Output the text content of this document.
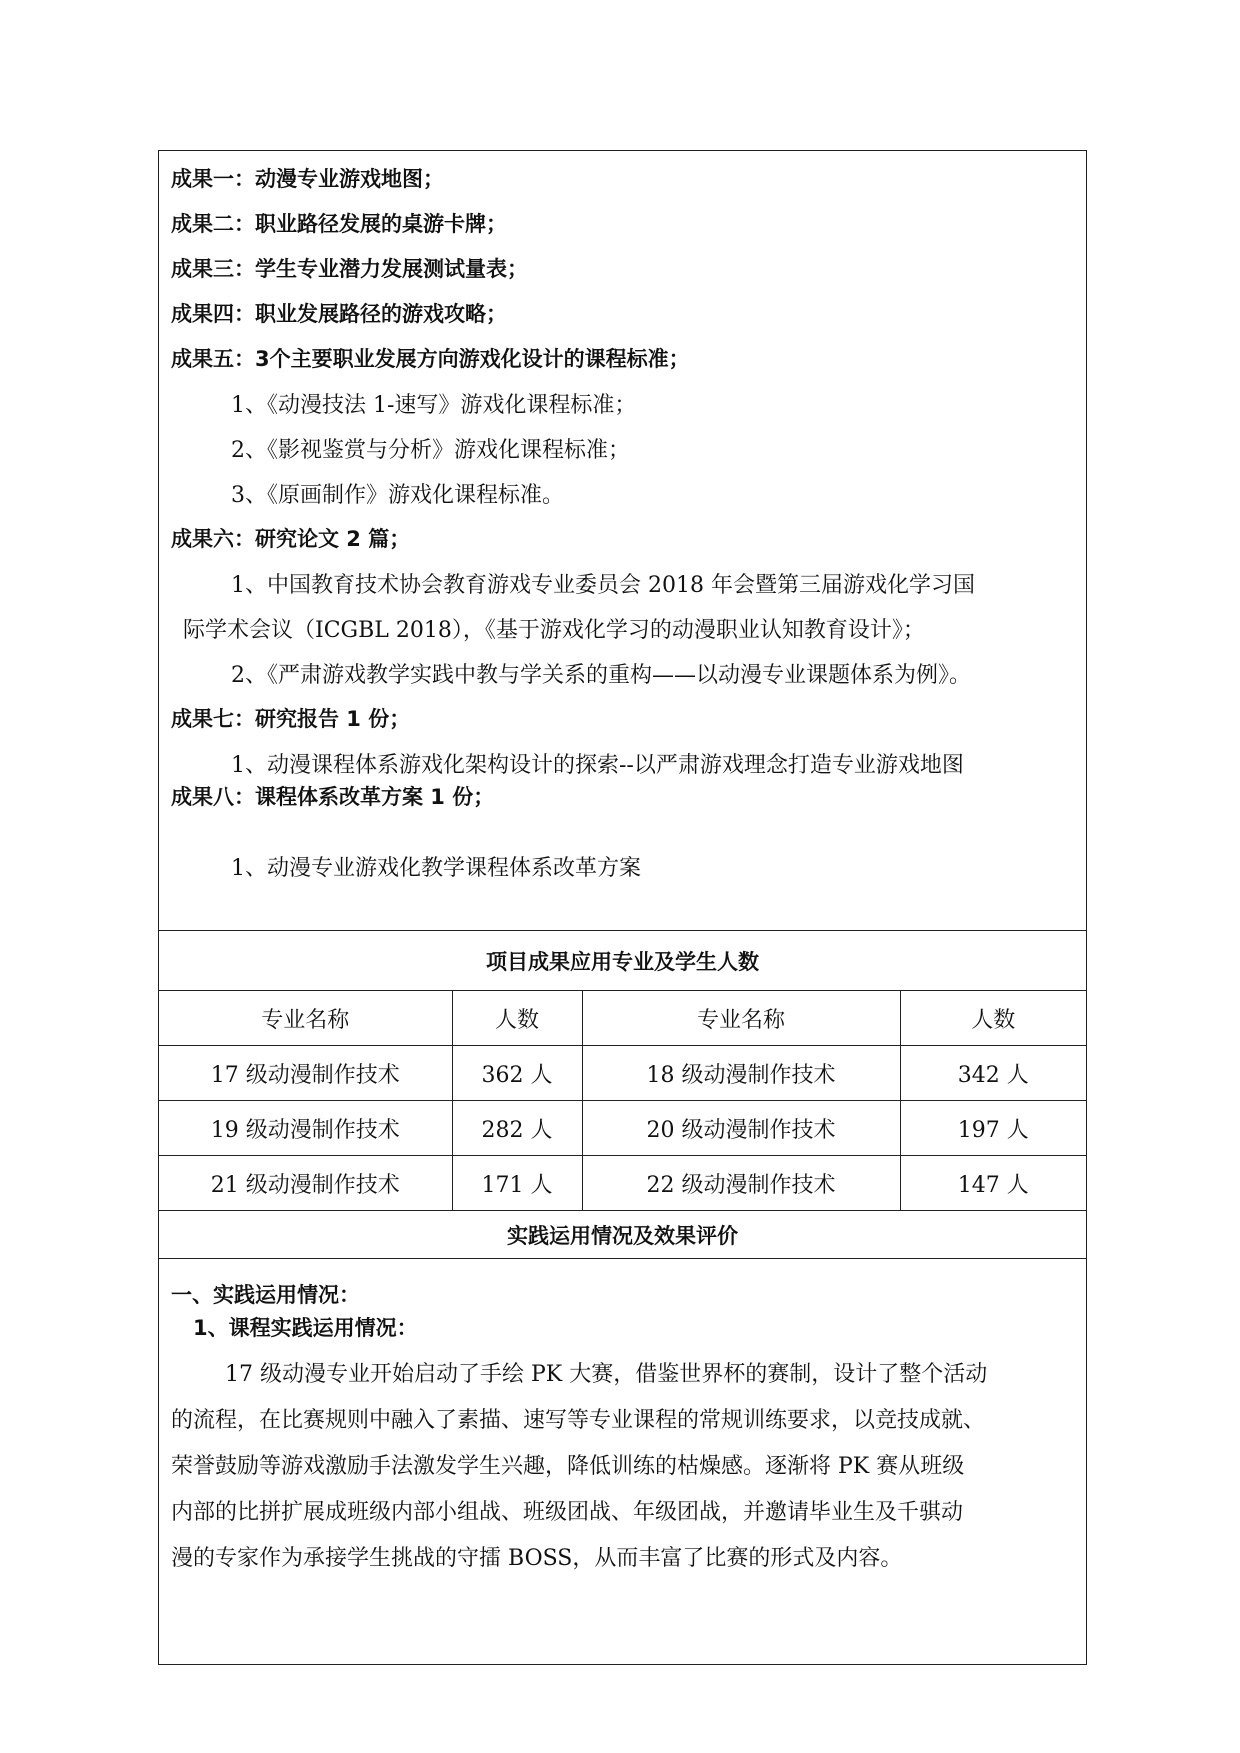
成果一：动漫专业游戏地图；
成果二：职业路径发展的桌游卡牌；
成果三：学生专业潜力发展测试量表；
成果四：职业发展路径的游戏攻略；
成果五：3个主要职业发展方向游戏化设计的课程标准；
1、《动漫技法 1-速写》游戏化课程标准；
2、《影视鉴赏与分析》游戏化课程标准；
3、《原画制作》游戏化课程标准。
成果六：研究论文 2 篇；
1、中国教育技术协会教育游戏专业委员会 2018 年会暨第三届游戏化学习国
际学术会议（ICGBL 2018），《基于游戏化学习的动漫职业认知教育设计》；
2、《严肃游戏教学实践中教与学关系的重构——以动漫专业课题体系为例》。
成果七：研究报告 1 份；
1、动漫课程体系游戏化架构设计的探索--以严肃游戏理念打造专业游戏地图
成果八：课程体系改革方案 1 份；
1、动漫专业游戏化教学课程体系改革方案
项目成果应用专业及学生人数
专业名称	人数	专业名称	人数
17 级动漫制作技术	362 人	18 级动漫制作技术	342 人
19 级动漫制作技术	282 人	20 级动漫制作技术	197 人
21 级动漫制作技术	171 人	22 级动漫制作技术	147 人
实践运用情况及效果评价
一、实践运用情况：
1、课程实践运用情况：
17 级动漫专业开始启动了手绘 PK 大赛，借鉴世界杯的赛制，设计了整个活动
的流程，在比赛规则中融入了素描、速写等专业课程的常规训练要求，以竞技成就、
荣誉鼓励等游戏激励手法激发学生兴趣，降低训练的枯燥感。逐渐将 PK 赛从班级
内部的比拼扩展成班级内部小组战、班级团战、年级团战，并邀请毕业生及千骐动
漫的专家作为承接学生挑战的守擂 BOSS，从而丰富了比赛的形式及内容。
